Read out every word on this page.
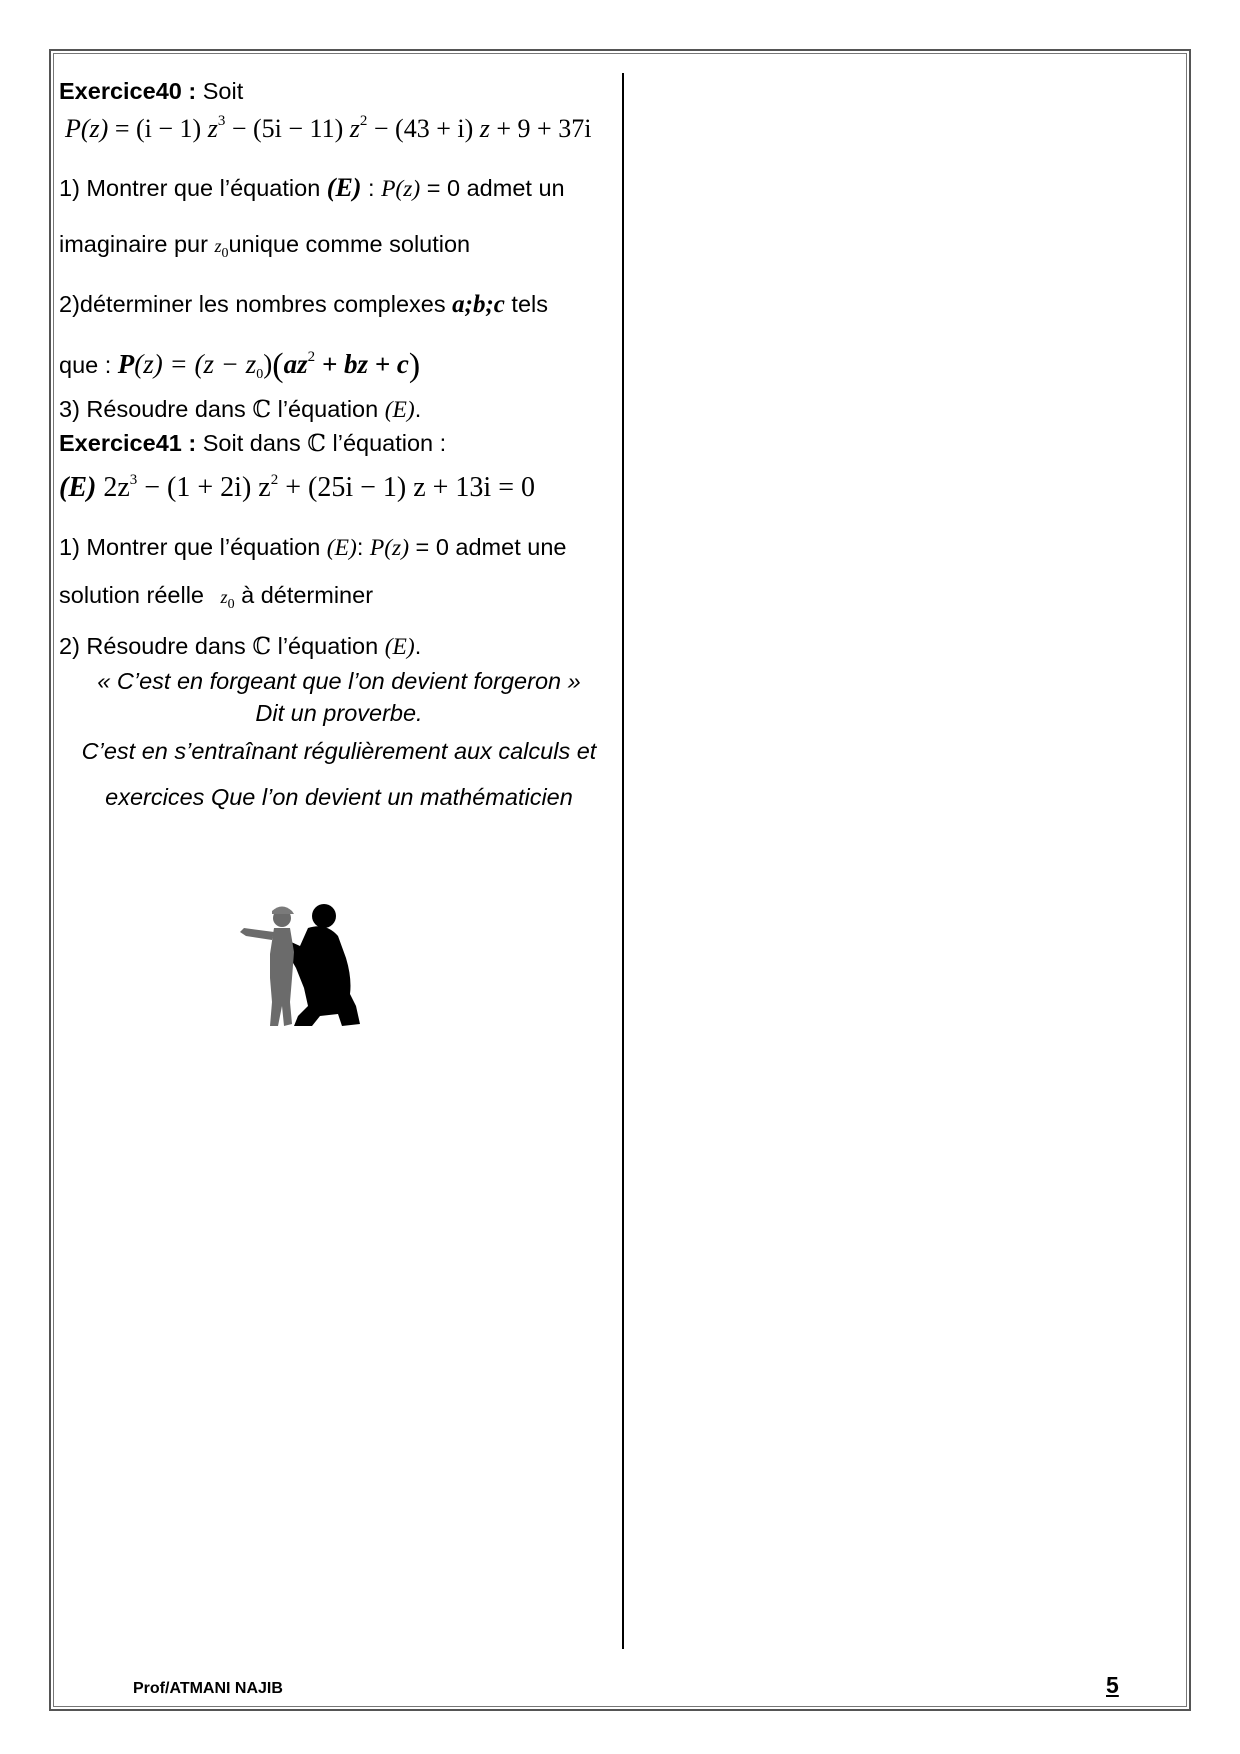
Exercice40 : Soit
P(z) = (i − 1) $z^3 - (5i - 11) z^2 - (43 + i) z + 9 + 37i$
1) Montrer que l’équation (E) : P(z) = 0 admet un
imaginaire pur $z_0unique$ comme solution
2)déterminer les nombres complexes a;b;c tels
que : $P(z) = (z - z_0)(az^2$ + bz + c)
3) Résoudre dans ℂ l’équation (E).
Exercice41 : Soit dans ℂ l’équation :
(E) $2z^3 - (1 + 2i) z^2 + (25i - 1) z + 13i = 0$
1) Montrer que l’équation (E): P(z) = 0 admet une
solution réelle $z_0$ à déterminer
2) Résoudre dans ℂ l’équation (E).
« C’est en forgeant que l’on devient forgeron »
Dit un proverbe.
C’est en s’entraînant régulièrement aux calculs et
exercices Que l’on devient un mathématicien
Prof/ATMANI NAJIB	5
